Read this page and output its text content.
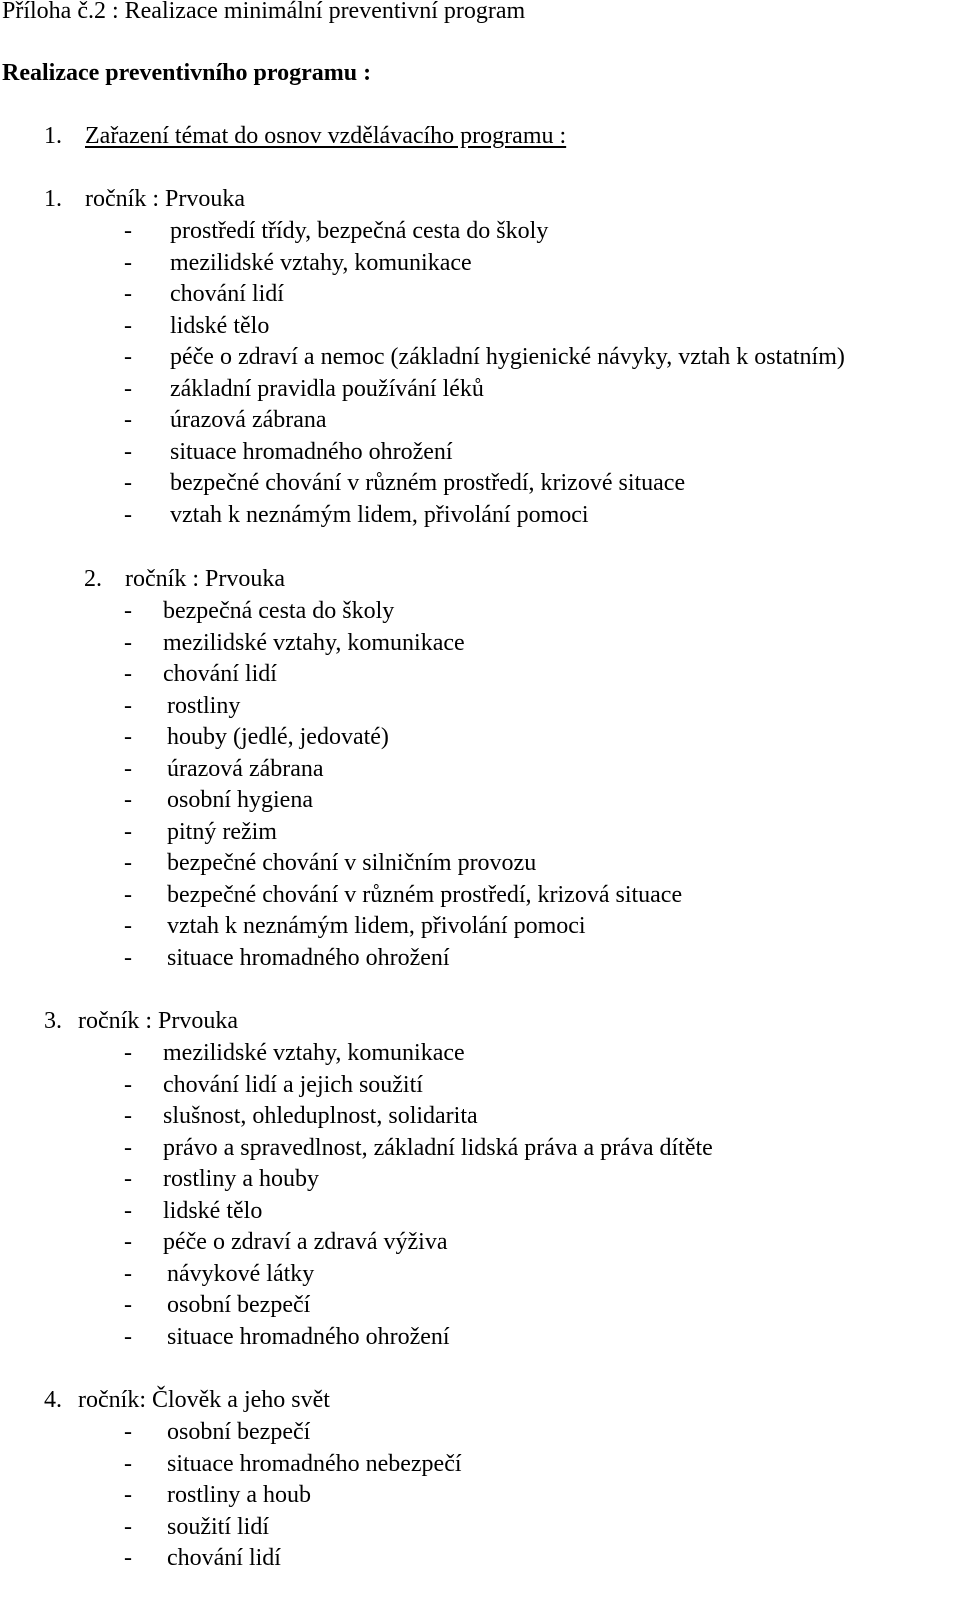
Příloha č.2 : Realizace minimální preventivní program
Realizace preventivního programu :
1. Zařazení témat do osnov vzdělávacího programu :
1. ročník : Prvouka
- prostředí třídy, bezpečná cesta do školy
- mezilidské vztahy, komunikace
- chování lidí
- lidské tělo
- péče o zdraví a nemoc (základní hygienické návyky, vztah k ostatním)
- základní pravidla používání léků
- úrazová zábrana
- situace hromadného ohrožení
- bezpečné chování v různém prostředí, krizové situace
- vztah k neznámým lidem, přivolání pomoci
2. ročník : Prvouka
- bezpečná cesta do školy
- mezilidské vztahy, komunikace
- chování lidí
- rostliny
- houby (jedlé, jedovaté)
- úrazová zábrana
- osobní hygiena
- pitný režim
- bezpečné chování v silničním provozu
- bezpečné chování v různém prostředí, krizová situace
- vztah k neznámým lidem, přivolání pomoci
- situace hromadného ohrožení
3. ročník : Prvouka
- mezilidské vztahy, komunikace
- chování lidí a jejich soužití
- slušnost, ohleduplnost, solidarita
- právo a spravedlnost, základní lidská práva a práva dítěte
- rostliny a houby
- lidské tělo
- péče o zdraví a zdravá výživa
- návykové látky
- osobní bezpečí
- situace hromadného ohrožení
4. ročník: Člověk a jeho svět
- osobní bezpečí
- situace hromadného nebezpečí
- rostliny a houb
- soužití lidí
- chování lidí
